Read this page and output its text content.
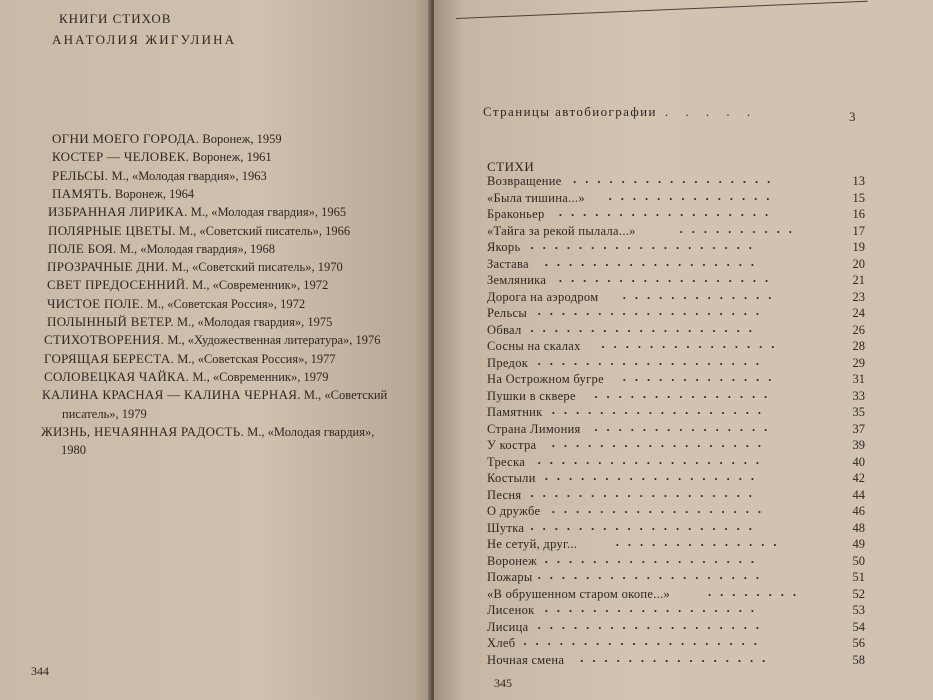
КНИГИ СТИХОВ
АНАТОЛИЯ ЖИГУЛИНА
ОГНИ МОЕГО ГОРОДА. Воронеж, 1959
КОСТЕР — ЧЕЛОВЕК. Воронеж, 1961
РЕЛЬСЫ. М., «Молодая гвардия», 1963
ПАМЯТЬ. Воронеж, 1964
ИЗБРАННАЯ ЛИРИКА. М., «Молодая гвардия», 1965
ПОЛЯРНЫЕ ЦВЕТЫ. М., «Советский писатель», 1966
ПОЛЕ БОЯ. М., «Молодая гвардия», 1968
ПРОЗРАЧНЫЕ ДНИ. М., «Советский писатель», 1970
СВЕТ ПРЕДОСЕННИЙ. М., «Современник», 1972
ЧИСТОЕ ПОЛЕ. М., «Советская Россия», 1972
ПОЛЫННЫЙ ВЕТЕР. М., «Молодая гвардия», 1975
СТИХОТВОРЕНИЯ. М., «Художественная литература», 1976
ГОРЯЩАЯ БЕРЕСТА. М., «Советская Россия», 1977
СОЛОВЕЦКАЯ ЧАЙКА. М., «Современник», 1979
КАЛИНА КРАСНАЯ — КАЛИНА ЧЕРНАЯ. М., «Советский
писатель», 1979
ЖИЗНЬ, НЕЧАЯННАЯ РАДОСТЬ. М., «Молодая гвардия»,
1980
344
Страницы автобиографии . . . . .	3
СТИХИ
Возвращение .................	13
«Была тишина...» ..............	15
Браконьер ..................	16
«Тайга за рекой пылала...»	..........	17
Якорь ...................	19
Застава ..................	20
Земляника ..................	21
Дорога на аэродром .............	23
Рельсы ...................	24
Обвал ...................	26
Сосны на скалах ...............	28
Предок ...................	29
На Острожном бугре .............	31
Пушки в сквере ...............	33
Памятник ..................	35
Страна Лимония ...............	37
У костра ..................	39
Треска ...................	40
Костыли ..................	42
Песня ...................	44
О дружбе ..................	46
Шутка ...................	48
Не сетуй, друг...	..............	49
Воронеж ..................	50
Пожары ...................	51
«В обрушенном старом окопе...»	........	52
Лисенок ..................	53
Лисица ...................	54
Хлеб ....................	56
Ночная смена ................	58
345
